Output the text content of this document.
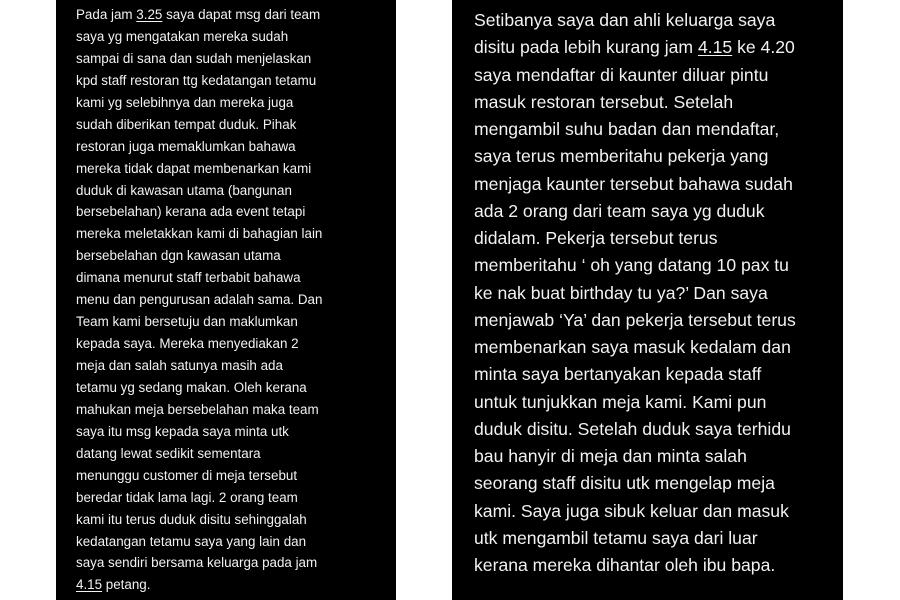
Pada jam 3.25 saya dapat msg dari team
saya yg mengatakan mereka sudah
sampai di sana dan sudah menjelaskan
kpd staff restoran ttg kedatangan tetamu
kami yg selebihnya dan mereka juga
sudah diberikan tempat duduk. Pihak
restoran juga memaklumkan bahawa
mereka tidak dapat membenarkan kami
duduk di kawasan utama (bangunan
bersebelahan) kerana ada event tetapi
mereka meletakkan kami di bahagian lain
bersebelahan dgn kawasan utama
dimana menurut staff terbabit bahawa
menu dan pengurusan adalah sama. Dan
Team kami bersetuju dan maklumkan
kepada saya. Mereka menyediakan 2
meja dan salah satunya masih ada
tetamu yg sedang makan. Oleh kerana
mahukan meja bersebelahan maka team
saya itu msg kepada saya minta utk
datang lewat sedikit sementara
menunggu customer di meja tersebut
beredar tidak lama lagi. 2 orang team
kami itu terus duduk disitu sehinggalah
kedatangan tetamu saya yang lain dan
saya sendiri bersama keluarga pada jam
4.15 petang.
Setibanya saya dan ahli keluarga saya
disitu pada lebih kurang jam 4.15 ke 4.20
saya mendaftar di kaunter diluar pintu
masuk restoran tersebut. Setelah
mengambil suhu badan dan mendaftar,
saya terus memberitahu pekerja yang
menjaga kaunter tersebut bahawa sudah
ada 2 orang dari team saya yg duduk
didalam. Pekerja tersebut terus
memberitahu ‘ oh yang datang 10 pax tu
ke nak buat birthday tu ya?’ Dan saya
menjawab ‘Ya’ dan pekerja tersebut terus
membenarkan saya masuk kedalam dan
minta saya bertanyakan kepada staff
untuk tunjukkan meja kami. Kami pun
duduk disitu. Setelah duduk saya terhidu
bau hanyir di meja dan minta salah
seorang staff disitu utk mengelap meja
kami. Saya juga sibuk keluar dan masuk
utk mengambil tetamu saya dari luar
kerana mereka dihantar oleh ibu bapa.
